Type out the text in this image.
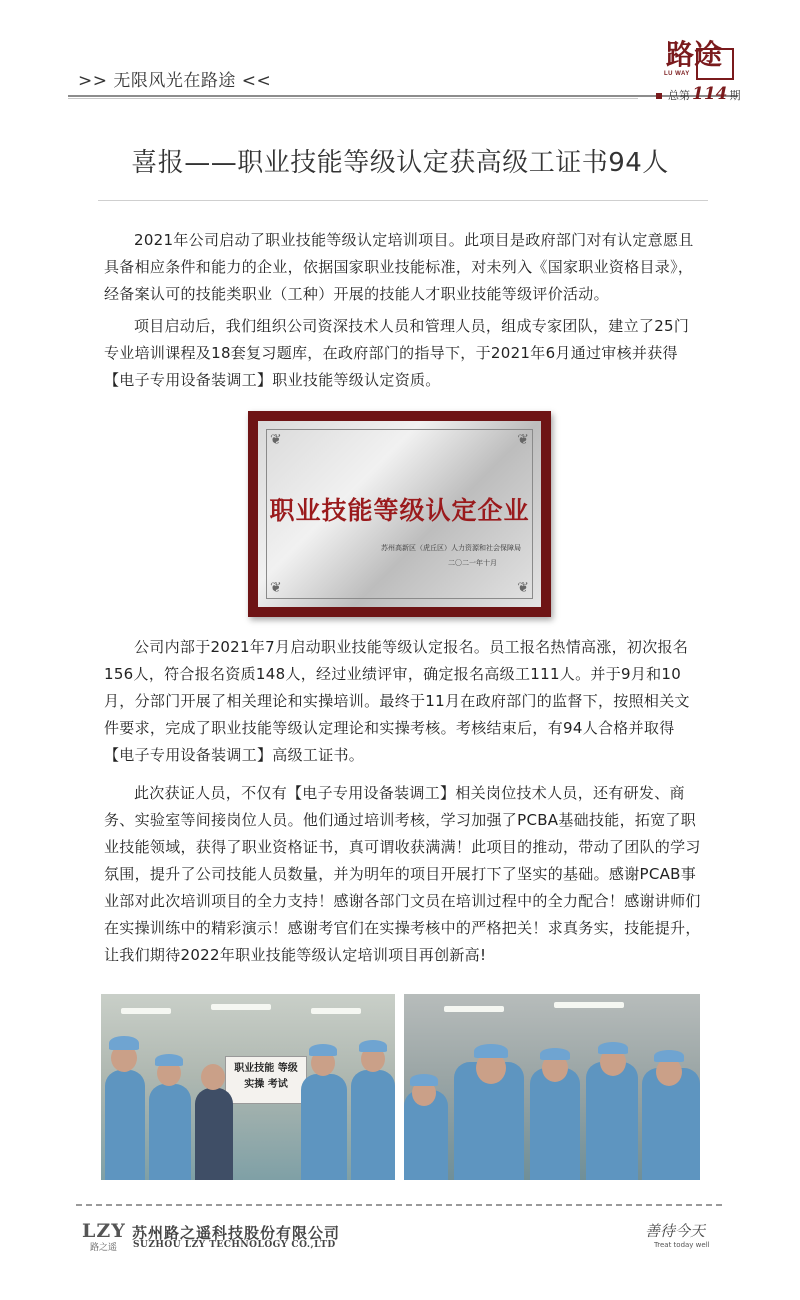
>> 无限风光在路途 <<
路途
LU WAY
总第 114 期
喜报——职业技能等级认定获高级工证书94人

2021年公司启动了职业技能等级认定培训项目。此项目是政府部门对有认定意愿且具备相应条件和能力的企业，依据国家职业技能标准，对未列入《国家职业资格目录》，经备案认可的技能类职业（工种）开展的技能人才职业技能等级评价活动。

项目启动后，我们组织公司资深技术人员和管理人员，组成专家团队，建立了25门专业培训课程及18套复习题库，在政府部门的指导下，于2021年6月通过审核并获得【电子专用设备装调工】职业技能等级认定资质。

❦	❦
❦	❦
职业技能等级认定企业
苏州高新区（虎丘区）人力资源和社会保障局
二〇二一年十月

公司内部于2021年7月启动职业技能等级认定报名。员工报名热情高涨，初次报名156人，符合报名资质148人，经过业绩评审，确定报名高级工111人。并于9月和10月，分部门开展了相关理论和实操培训。最终于11月在政府部门的监督下，按照相关文件要求，完成了职业技能等级认定理论和实操考核。考核结束后，有94人合格并取得【电子专用设备装调工】高级工证书。

此次获证人员，不仅有【电子专用设备装调工】相关岗位技术人员，还有研发、商务、实验室等间接岗位人员。他们通过培训考核，学习加强了PCBA基础技能，拓宽了职业技能领域，获得了职业资格证书，真可谓收获满满！此项目的推动，带动了团队的学习氛围，提升了公司技能人员数量，并为明年的项目开展打下了坚实的基础。感谢PCAB事业部对此次培训项目的全力支持！感谢各部门文员在培训过程中的全力配合！感谢讲师们在实操训练中的精彩演示！感谢考官们在实操考核中的严格把关！求真务实，技能提升，让我们期待2022年职业技能等级认定培训项目再创新高!

职业技能 等级
实操 考试
LZY
路之遥
苏州路之遥科技股份有限公司
SUZHOU LZY TECHNOLOGY CO.,LTD
善待今天
Treat today well
